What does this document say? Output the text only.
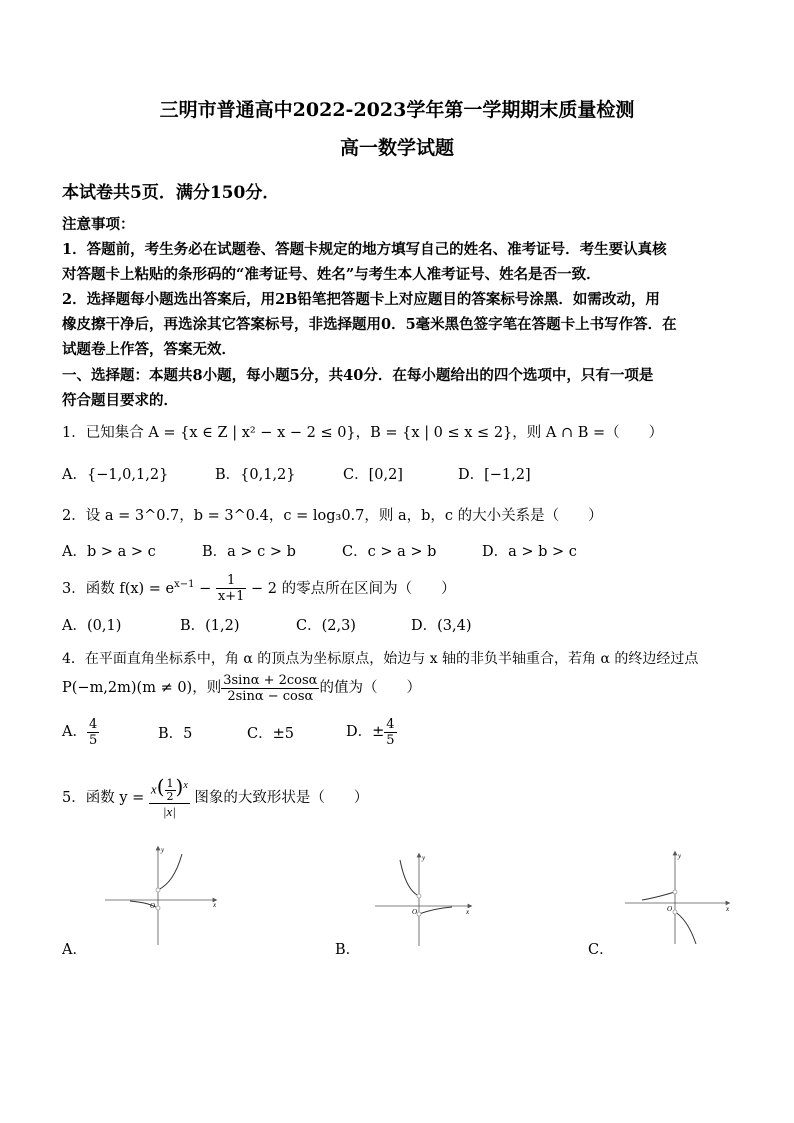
三明市普通高中2022-2023学年第一学期期末质量检测
高一数学试题
本试卷共5页．满分150分．
注意事项：
1．答题前，考生务必在试题卷、答题卡规定的地方填写自己的姓名、准考证号．考生要认真核
对答题卡上粘贴的条形码的“准考证号、姓名”与考生本人准考证号、姓名是否一致．
2．选择题每小题选出答案后，用2B铅笔把答题卡上对应题目的答案标号涂黑．如需改动，用
橡皮擦干净后，再选涂其它答案标号，非选择题用0．5毫米黑色签字笔在答题卡上书写作答．在
试题卷上作答，答案无效．
一、选择题：本题共8小题，每小题5分，共40分．在每小题给出的四个选项中，只有一项是
符合题目要求的．
1．已知集合 A = {x ∈ Z | x² − x − 2 ≤ 0}，B = {x | 0 ≤ x ≤ 2}，则 A ∩ B =（　　）
A．{−1,0,1,2}	B．{0,1,2}	C．[0,2]	D．[−1,2]
2．设 a = 3^0.7，b = 3^0.4，c = log₃0.7，则 a，b，c 的大小关系是（　　）
A．b > a > c	B．a > c > b	C．c > a > b	D．a > b > c
3．函数 $f(x) = e^{x-1} - \frac{1}{x+1} - 2$ 的零点所在区间为（　　）
A．(0,1)	B．(1,2)	C．(2,3)	D．(3,4)
4．在平面直角坐标系中，角 α 的顶点为坐标原点，始边与 x 轴的非负半轴重合，若角 α 的终边经过点
P(−m,2m)(m ≠ 0)，则 $\frac{3\sin\alpha + 2\cos\alpha}{2\sin\alpha - \cos\alpha}$ 的值为（　　）
A． $\frac{4}{5}$	B．5	C．±5	D．± $\frac{4}{5}$
5．函数 $y = \frac{x( \frac{1}{2} )^x}{|x|}$ 图象的大致形状是（　　）
x
y
O
A．
x
y
O
B．
x
y
O
C．
